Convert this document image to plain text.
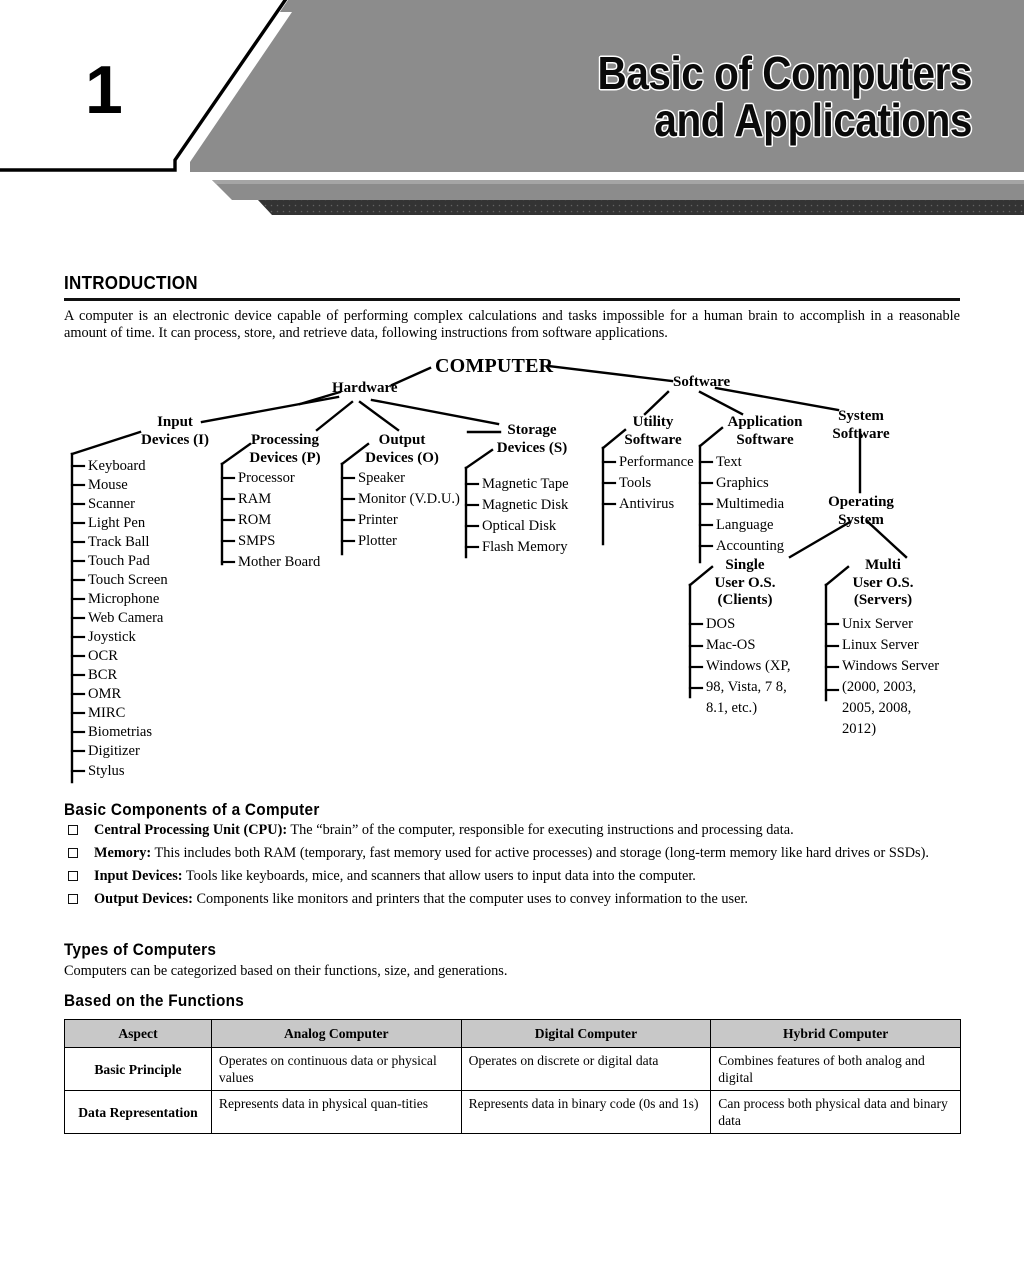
1	Basic of Computers
and Applications
INTRODUCTION
A computer is an electronic device capable of performing complex calculations and tasks impossible for a human brain to accomplish in a reasonable amount of time. It can process, store, and retrieve data, following instructions from software applications.
COMPUTER
Hardware	Software
Input
Devices (I)	Processing
Devices (P)
Output
Devices (O)
Storage
Devices (S)
Utility
Software
Application
Software
System
Software
Operating
System
Single
User O.S.
(Clients)
Multi
User O.S.
(Servers)
Keyboard
Mouse
Scanner
Light Pen
Track Ball
Touch Pad
Touch Screen
Microphone
Web Camera
Joystick
OCR
BCR
OMR
MIRC
Biometrias
Digitizer
Stylus
Processor
RAM
ROM
SMPS
Mother Board
Speaker
Monitor (V.D.U.)
Printer
Plotter
Magnetic Tape
Magnetic Disk
Optical Disk
Flash Memory
Performance
Tools
Antivirus
Text
Graphics
Multimedia
Language
Accounting
DOS
Mac-OS
Windows (XP,
98, Vista, 7 8,
8.1, etc.)
Unix Server
Linux Server
Windows Server
(2000, 2003,
2005, 2008,
2012)
Basic Components of a Computer
Central Processing Unit (CPU): The “brain” of the computer, responsible for executing instructions and processing data.
Memory: This includes both RAM (temporary, fast memory used for active processes) and storage (long-term memory like hard drives or SSDs).
Input Devices: Tools like keyboards, mice, and scanners that allow users to input data into the computer.
Output Devices: Components like monitors and printers that the computer uses to convey information to the user.
Types of Computers
Computers can be categorized based on their functions, size, and generations.
Based on the Functions
Aspect	Analog Computer	Digital Computer	Hybrid Computer
Basic Principle	Operates on continuous data or physical values	Operates on discrete or digital data	Combines features of both analog and digital
Data Representation	Represents data in physical quan-tities	Represents data in binary code (0s and 1s)	Can process both physical data and binary data
